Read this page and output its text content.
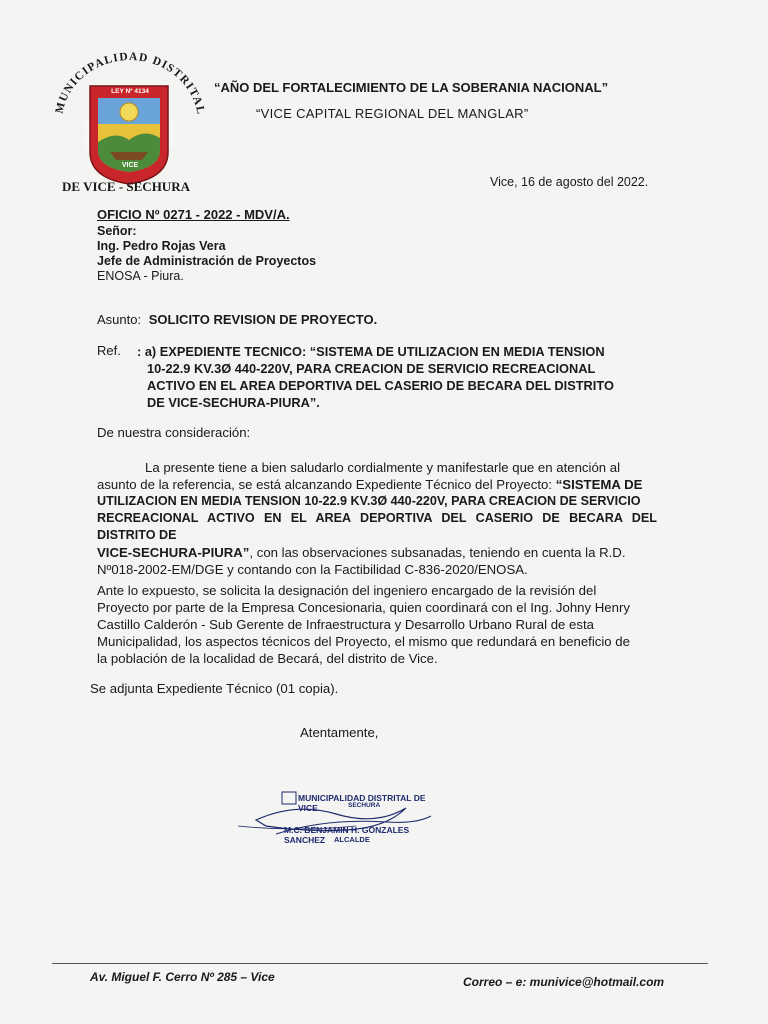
MUNICIPALIDAD DISTRITAL
LEY Nº 4134
VICE
15 DE JUNIO	AÑO 1920
DE VICE - SECHURA
“AÑO DEL FORTALECIMIENTO DE LA SOBERANIA NACIONAL”
“VICE CAPITAL REGIONAL DEL MANGLAR”
Vice, 16 de agosto del 2022.
OFICIO Nº 0271 - 2022 - MDV/A.
Señor:
Ing. Pedro Rojas Vera
Jefe de Administración de Proyectos
ENOSA - Piura.
Asunto: SOLICITO REVISION DE PROYECTO.
Ref. : a) EXPEDIENTE TECNICO: “SISTEMA DE UTILIZACION EN MEDIA TENSION
10-22.9 KV.3Ø 440-220V, PARA CREACION DE SERVICIO RECREACIONAL
ACTIVO EN EL AREA DEPORTIVA DEL CASERIO DE BECARA DEL DISTRITO
DE VICE-SECHURA-PIURA”.
De nuestra consideración:
La presente tiene a bien saludarlo cordialmente y manifestarle que en atención al
asunto de la referencia, se está alcanzando Expediente Técnico del Proyecto: “SISTEMA DE
UTILIZACION EN MEDIA TENSION 10-22.9 KV.3Ø 440-220V, PARA CREACION DE SERVICIO
RECREACIONAL ACTIVO EN EL AREA DEPORTIVA DEL CASERIO DE BECARA DEL DISTRITO DE
VICE-SECHURA-PIURA”, con las observaciones subsanadas, teniendo en cuenta la R.D.
Nº018-2002-EM/DGE y contando con la Factibilidad C-836-2020/ENOSA.
Ante lo expuesto, se solicita la designación del ingeniero encargado de la revisión del
Proyecto por parte de la Empresa Concesionaria, quien coordinará con el Ing. Johny Henry
Castillo Calderón - Sub Gerente de Infraestructura y Desarrollo Urbano Rural de esta
Municipalidad, los aspectos técnicos del Proyecto, el mismo que redundará en beneficio de
la población de la localidad de Becará, del distrito de Vice.
Se adjunta Expediente Técnico (01 copia).
Atentamente,
MUNICIPALIDAD DISTRITAL DE VICE	SECHURA
M.C. BENJAMIN H. GONZALES SANCHEZ	ALCALDE
Av. Miguel F. Cerro Nº 285 – Vice	Correo – e: munivice@hotmail.com
